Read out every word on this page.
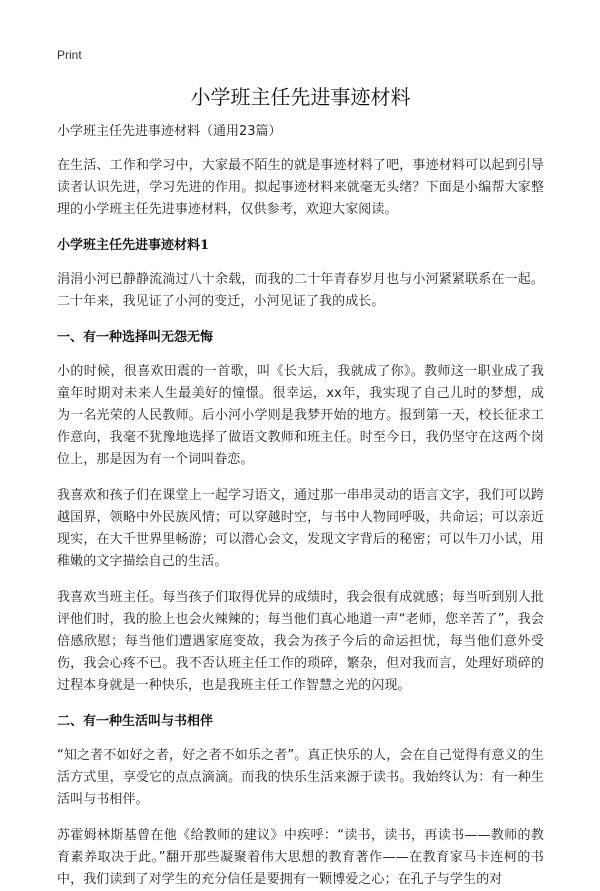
Print
小学班主任先进事迹材料
小学班主任先进事迹材料（通用23篇）

在生活、工作和学习中，大家最不陌生的就是事迹材料了吧，事迹材料可以起到引导读者认识先进，学习先进的作用。拟起事迹材料来就毫无头绪？下面是小编帮大家整理的小学班主任先进事迹材料，仅供参考，欢迎大家阅读。

小学班主任先进事迹材料1

涓涓小河已静静流淌过八十余载，而我的二十年青春岁月也与小河紧紧联系在一起。二十年来，我见证了小河的变迁，小河见证了我的成长。

一、有一种选择叫无怨无悔

小的时候，很喜欢田震的一首歌，叫《长大后，我就成了你》。教师这一职业成了我童年时期对未来人生最美好的憧憬。很幸运，xx年，我实现了自己儿时的梦想，成为一名光荣的人民教师。后小河小学则是我梦开始的地方。报到第一天，校长征求工作意向，我毫不犹豫地选择了做语文教师和班主任。时至今日，我仍坚守在这两个岗位上，那是因为有一个词叫眷恋。

我喜欢和孩子们在课堂上一起学习语文，通过那一串串灵动的语言文字，我们可以跨越国界，领略中外民族风情；可以穿越时空，与书中人物同呼吸，共命运；可以亲近现实，在大千世界里畅游；可以潜心会文，发现文字背后的秘密；可以牛刀小试，用稚嫩的文字描绘自己的生活。

我喜欢当班主任。每当孩子们取得优异的成绩时，我会很有成就感；每当听到别人批评他们时，我的脸上也会火辣辣的；每当他们真心地道一声“老师，您辛苦了”，我会倍感欣慰；每当他们遭遇家庭变故，我会为孩子今后的命运担忧，每当他们意外受伤，我会心疼不已。我不否认班主任工作的琐碎，繁杂，但对我而言，处理好琐碎的过程本身就是一种快乐，也是我班主任工作智慧之光的闪现。

二、有一种生活叫与书相伴

“知之者不如好之者，好之者不如乐之者”。真正快乐的人，会在自己觉得有意义的生活方式里，享受它的点点滴滴。而我的快乐生活来源于读书。我始终认为：有一种生活叫与书相伴。

苏霍姆林斯基曾在他《给教师的建议》中疾呼：“读书，读书，再读书——教师的教育素养取决于此。”翻开那些凝聚着伟大思想的教育著作——在教育家马卡连柯的书中，我们读到了对学生的充分信任是要拥有一颗博爱之心；在孔子与学生的对
